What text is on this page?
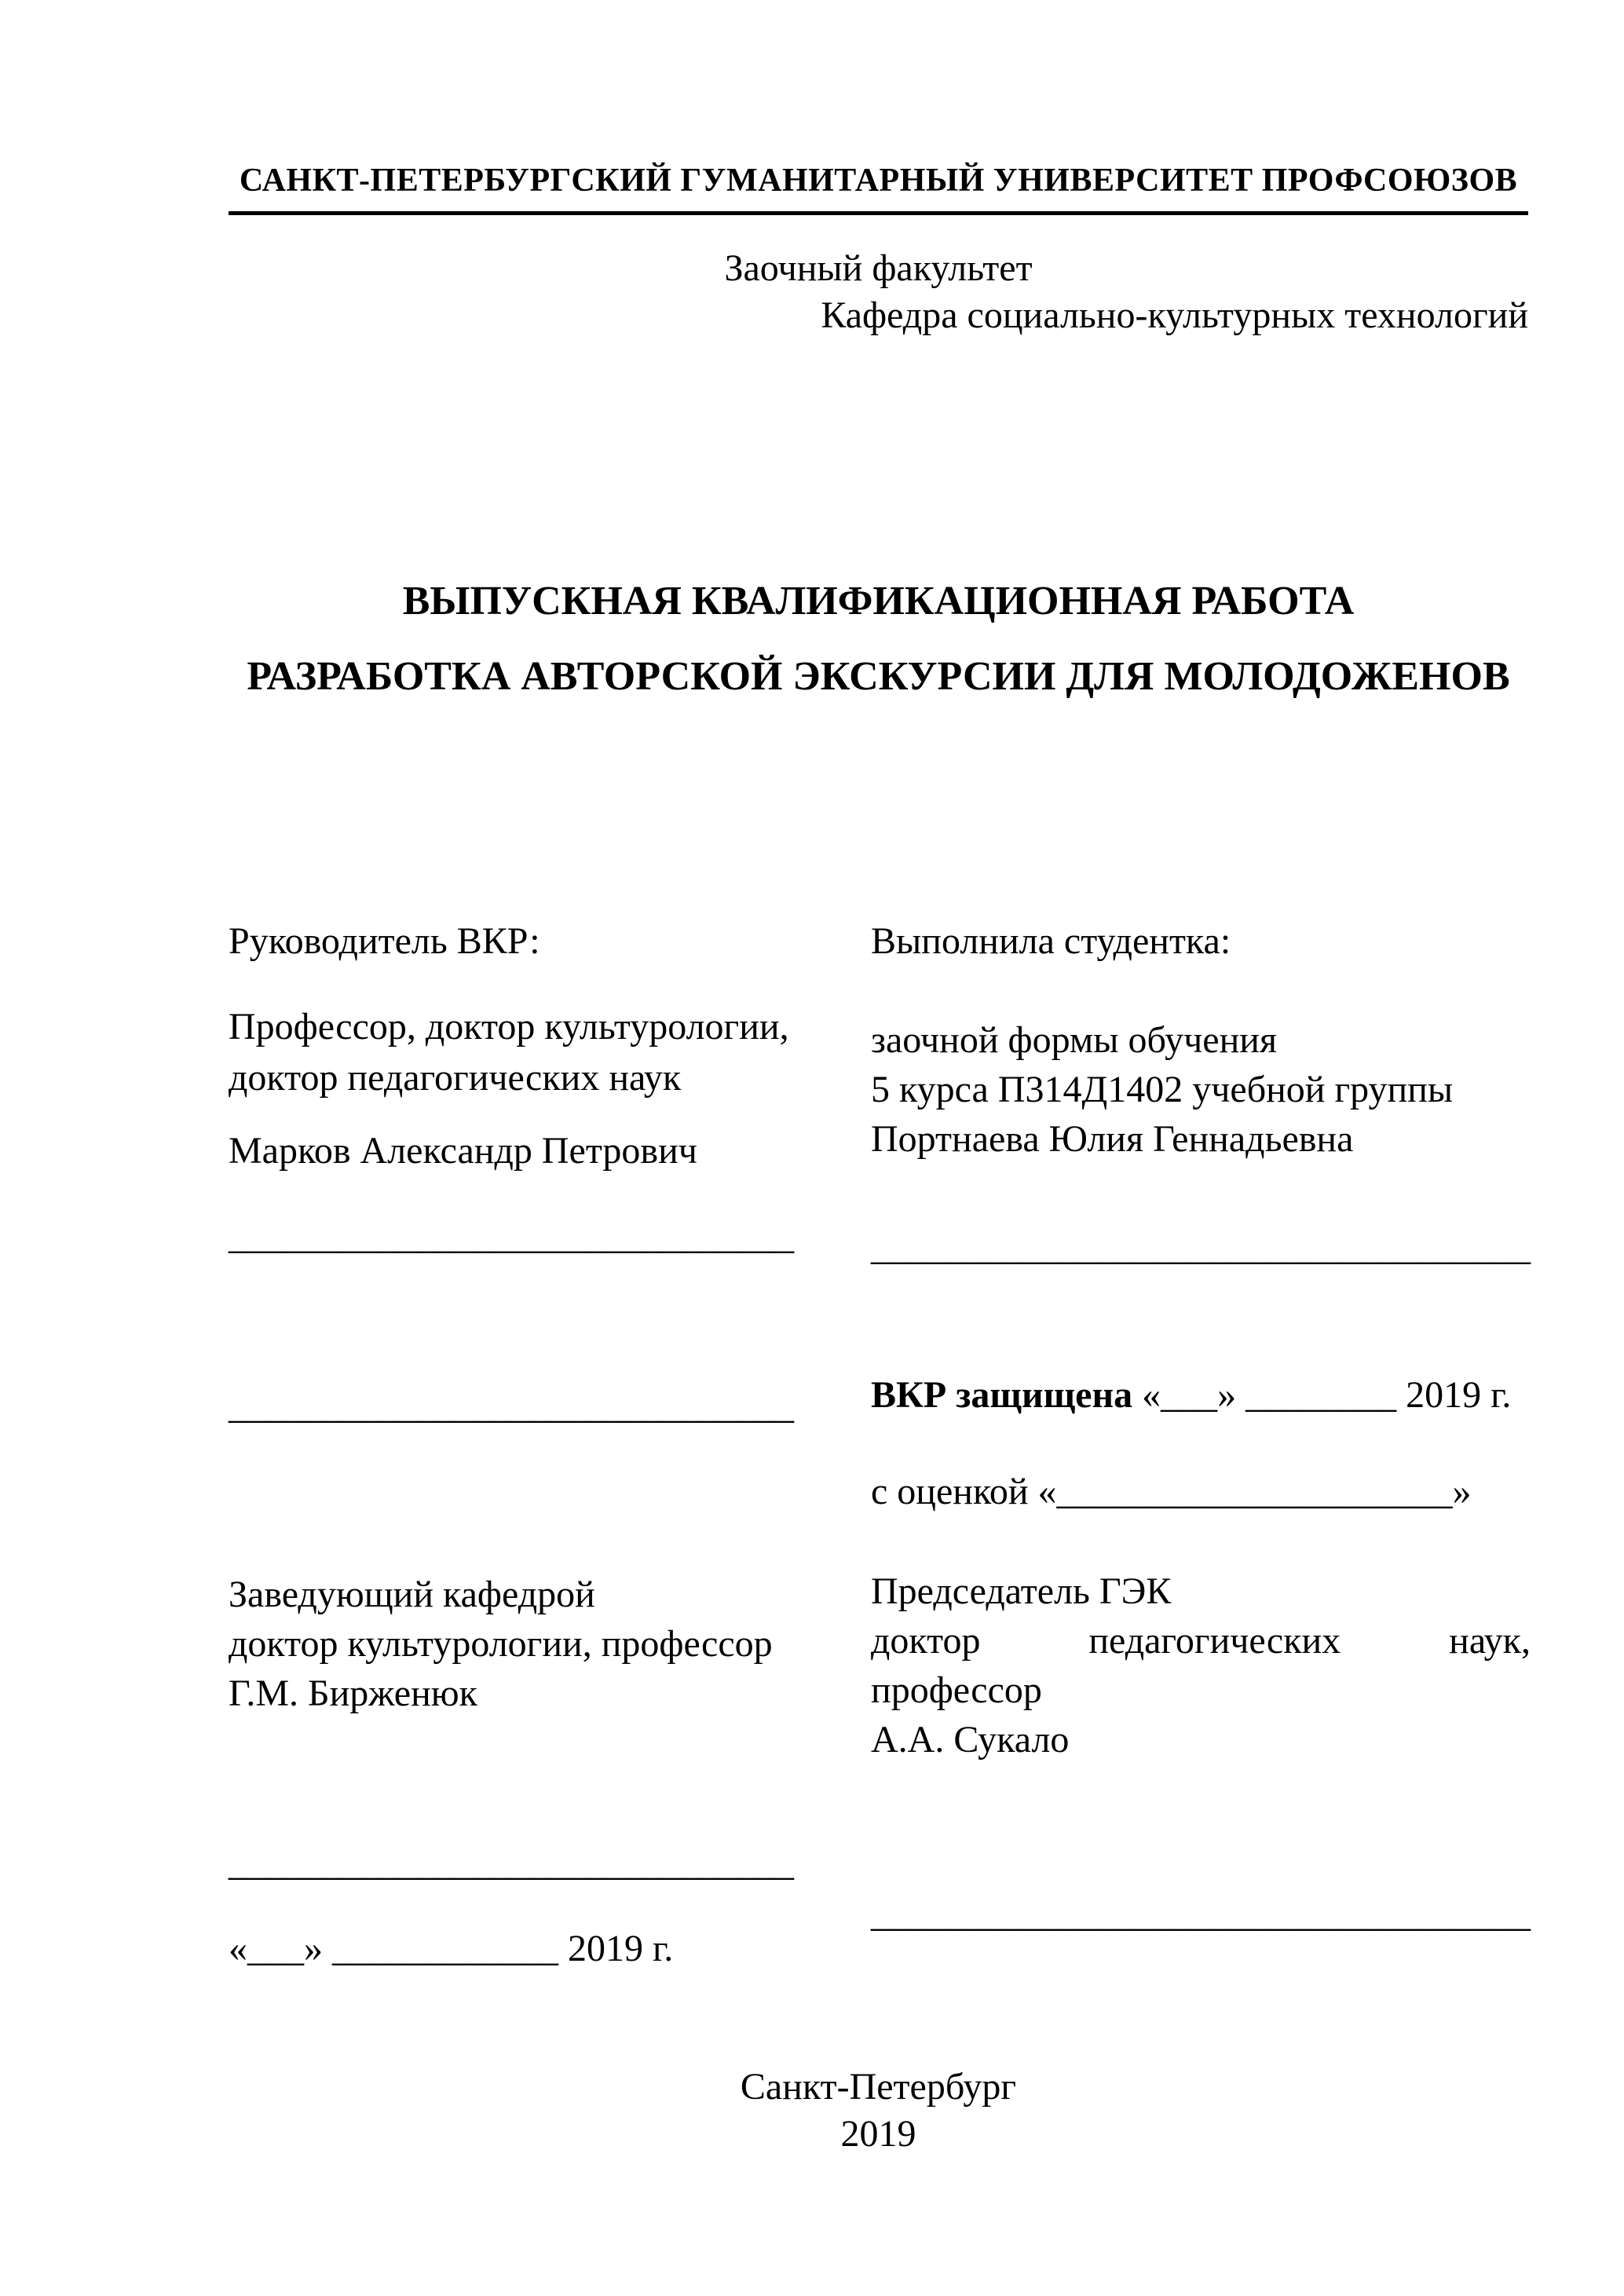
САНКТ-ПЕТЕРБУРГСКИЙ ГУМАНИТАРНЫЙ УНИВЕРСИТЕТ ПРОФСОЮЗОВ
Заочный факультет
Кафедра социально-культурных технологий
ВЫПУСКНАЯ КВАЛИФИКАЦИОННАЯ РАБОТА
РАЗРАБОТКА АВТОРСКОЙ ЭКСКУРСИИ ДЛЯ МОЛОДОЖЕНОВ
Руководитель ВКР:
Профессор, доктор культурологии,
доктор педагогических наук
Марков Александр Петрович
______________________________
______________________________
Заведующий кафедрой
доктор культурологии, профессор
Г.М. Бирженюк
______________________________
«___» ____________ 2019 г.
Выполнила студентка:
заочной формы обучения
5 курса П314Д1402 учебной группы
Портнаева Юлия Геннадьевна
___________________________________
ВКР защищена «___» ________ 2019 г.
с оценкой «_____________________»
Председатель ГЭК
доктор педагогических наук,
профессор
А.А. Сукало
___________________________________
Санкт-Петербург
2019
